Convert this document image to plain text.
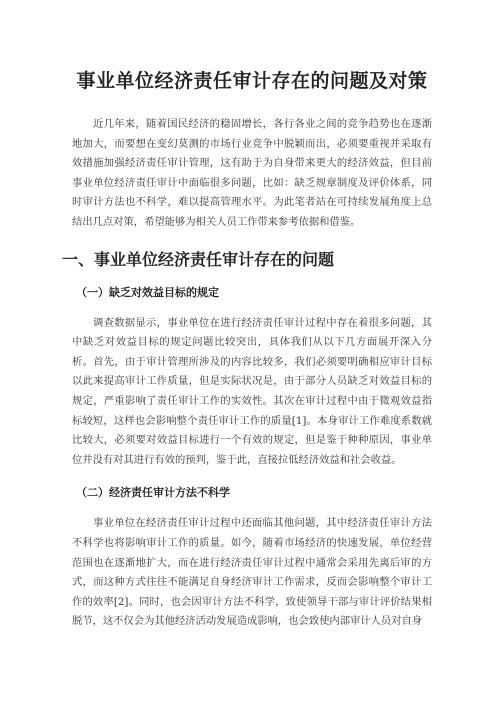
事业单位经济责任审计存在的问题及对策

近几年来，随着国民经济的稳固增长，各行各业之间的竞争趋势也在逐渐地加大，而要想在变幻莫测的市场行业竞争中脱颖而出，必须要重视并采取有效措施加强经济责任审计管理，这有助于为自身带来更大的经济效益，但目前事业单位经济责任审计中面临很多问题，比如：缺乏规章制度及评价体系，同时审计方法也不科学，难以提高管理水平。为此笔者站在可持续发展角度上总结出几点对策，希望能够为相关人员工作带来参考依据和借鉴。

一、事业单位经济责任审计存在的问题
（一）缺乏对效益目标的规定

调查数据显示，事业单位在进行经济责任审计过程中存在着很多问题，其中缺乏对效益目标的规定问题比较突出，具体我们从以下几方面展开深入分析。首先，由于审计管理所涉及的内容比较多，我们必须要明确相应审计目标以此来提高审计工作质量，但是实际状况是，由于部分人员缺乏对效益目标的规定，严重影响了责任审计工作的实效性。其次在审计过程中由于微观效益指标较短，这样也会影响整个责任审计工作的质量[1]。本身审计工作难度系数就比较大，必须要对效益目标进行一个有效的规定，但是鉴于种种原因，事业单位并没有对其进行有效的预判，鉴于此，直接拉低经济效益和社会收益。

（二）经济责任审计方法不科学

事业单位在经济责任审计过程中还面临其他问题，其中经济责任审计方法不科学也将影响审计工作的质量。如今，随着市场经济的快速发展，单位经营范围也在逐渐地扩大，而在进行经济责任审计过程中通常会采用先离后审的方式，而这种方式往往不能满足自身经济审计工作需求，反而会影响整个审计工作的效率[2]。同时，也会因审计方法不科学，致使领导干部与审计评价结果相脱节，这不仅会为其他经济活动发展造成影响，也会致使内部审计人员对自身
